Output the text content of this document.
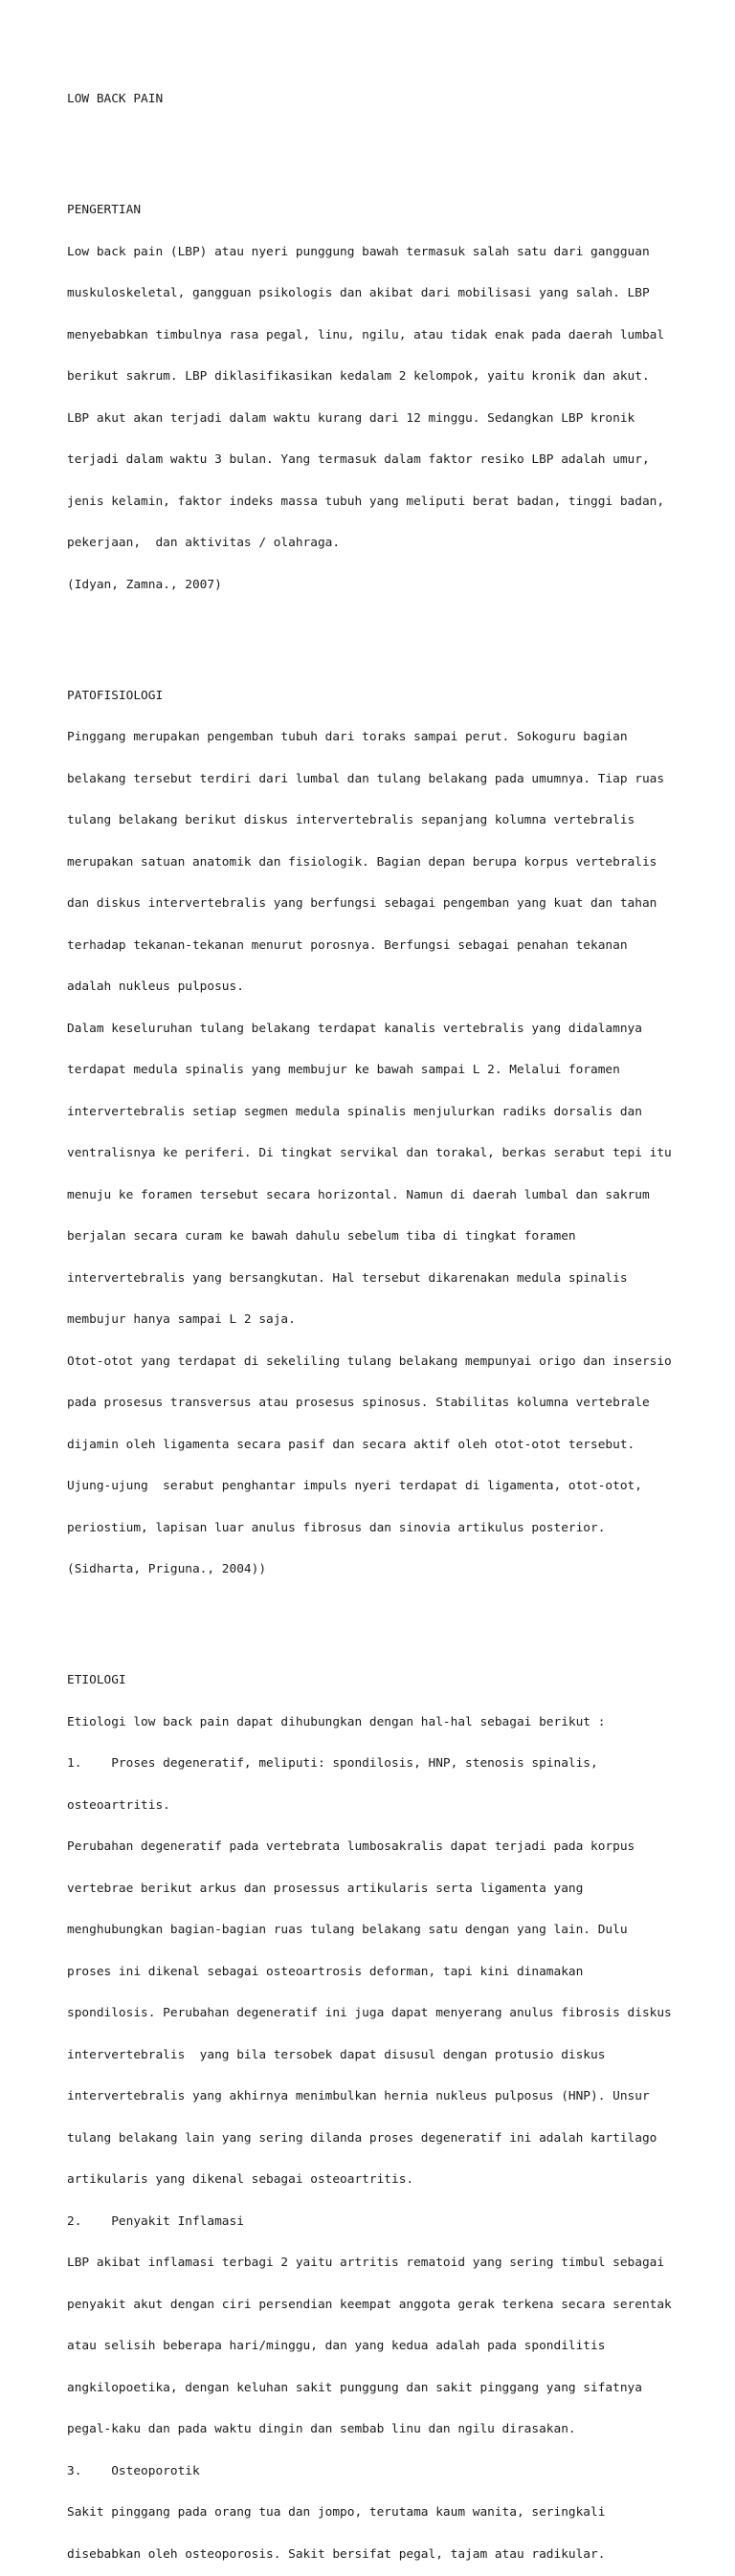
LOW BACK PAIN

PENGERTIAN

Low back pain (LBP) atau nyeri punggung bawah termasuk salah satu dari gangguan

muskuloskeletal, gangguan psikologis dan akibat dari mobilisasi yang salah. LBP

menyebabkan timbulnya rasa pegal, linu, ngilu, atau tidak enak pada daerah lumbal

berikut sakrum. LBP diklasifikasikan kedalam 2 kelompok, yaitu kronik dan akut.

LBP akut akan terjadi dalam waktu kurang dari 12 minggu. Sedangkan LBP kronik

terjadi dalam waktu 3 bulan. Yang termasuk dalam faktor resiko LBP adalah umur,

jenis kelamin, faktor indeks massa tubuh yang meliputi berat badan, tinggi badan,

pekerjaan,  dan aktivitas / olahraga.

(Idyan, Zamna., 2007)

PATOFISIOLOGI

Pinggang merupakan pengemban tubuh dari toraks sampai perut. Sokoguru bagian

belakang tersebut terdiri dari lumbal dan tulang belakang pada umumnya. Tiap ruas

tulang belakang berikut diskus intervertebralis sepanjang kolumna vertebralis

merupakan satuan anatomik dan fisiologik. Bagian depan berupa korpus vertebralis

dan diskus intervertebralis yang berfungsi sebagai pengemban yang kuat dan tahan

terhadap tekanan-tekanan menurut porosnya. Berfungsi sebagai penahan tekanan

adalah nukleus pulposus.

Dalam keseluruhan tulang belakang terdapat kanalis vertebralis yang didalamnya

terdapat medula spinalis yang membujur ke bawah sampai L 2. Melalui foramen

intervertebralis setiap segmen medula spinalis menjulurkan radiks dorsalis dan

ventralisnya ke periferi. Di tingkat servikal dan torakal, berkas serabut tepi itu

menuju ke foramen tersebut secara horizontal. Namun di daerah lumbal dan sakrum

berjalan secara curam ke bawah dahulu sebelum tiba di tingkat foramen

intervertebralis yang bersangkutan. Hal tersebut dikarenakan medula spinalis

membujur hanya sampai L 2 saja.

Otot-otot yang terdapat di sekeliling tulang belakang mempunyai origo dan insersio

pada prosesus transversus atau prosesus spinosus. Stabilitas kolumna vertebrale

dijamin oleh ligamenta secara pasif dan secara aktif oleh otot-otot tersebut.

Ujung-ujung  serabut penghantar impuls nyeri terdapat di ligamenta, otot-otot,

periostium, lapisan luar anulus fibrosus dan sinovia artikulus posterior.

(Sidharta, Priguna., 2004))

ETIOLOGI

Etiologi low back pain dapat dihubungkan dengan hal-hal sebagai berikut :

1.    Proses degeneratif, meliputi: spondilosis, HNP, stenosis spinalis,

osteoartritis.

Perubahan degeneratif pada vertebrata lumbosakralis dapat terjadi pada korpus

vertebrae berikut arkus dan prosessus artikularis serta ligamenta yang

menghubungkan bagian-bagian ruas tulang belakang satu dengan yang lain. Dulu

proses ini dikenal sebagai osteoartrosis deforman, tapi kini dinamakan

spondilosis. Perubahan degeneratif ini juga dapat menyerang anulus fibrosis diskus

intervertebralis  yang bila tersobek dapat disusul dengan protusio diskus

intervertebralis yang akhirnya menimbulkan hernia nukleus pulposus (HNP). Unsur

tulang belakang lain yang sering dilanda proses degeneratif ini adalah kartilago

artikularis yang dikenal sebagai osteoartritis.

2.    Penyakit Inflamasi

LBP akibat inflamasi terbagi 2 yaitu artritis rematoid yang sering timbul sebagai

penyakit akut dengan ciri persendian keempat anggota gerak terkena secara serentak

atau selisih beberapa hari/minggu, dan yang kedua adalah pada spondilitis

angkilopoetika, dengan keluhan sakit punggung dan sakit pinggang yang sifatnya

pegal-kaku dan pada waktu dingin dan sembab linu dan ngilu dirasakan.

3.    Osteoporotik

Sakit pinggang pada orang tua dan jompo, terutama kaum wanita, seringkali

disebabkan oleh osteoporosis. Sakit bersifat pegal, tajam atau radikular.
